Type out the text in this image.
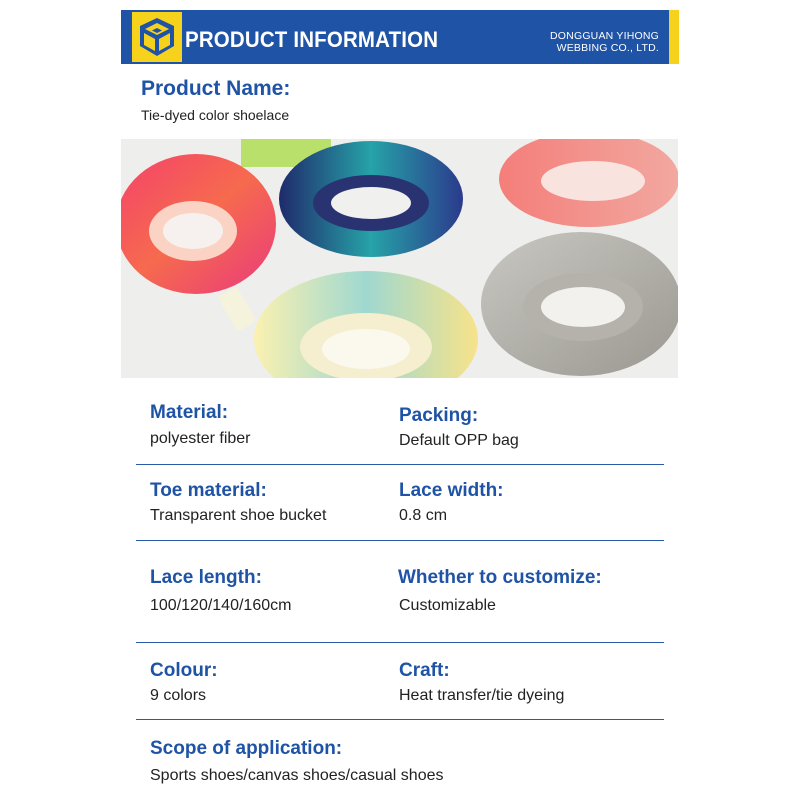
PRODUCT INFORMATION	DONGGUAN YIHONG
WEBBING CO., LTD.
Product Name:
Tie-dyed color shoelace
Material:
polyester fiber
Packing:
Default OPP bag
Toe material:
Transparent shoe bucket
Lace width:
0.8 cm
Lace length:
100/120/140/160cm
Whether to customize:
Customizable
Colour:
9 colors
Craft:
Heat transfer/tie dyeing
Scope of application:
Sports shoes/canvas shoes/casual shoes
